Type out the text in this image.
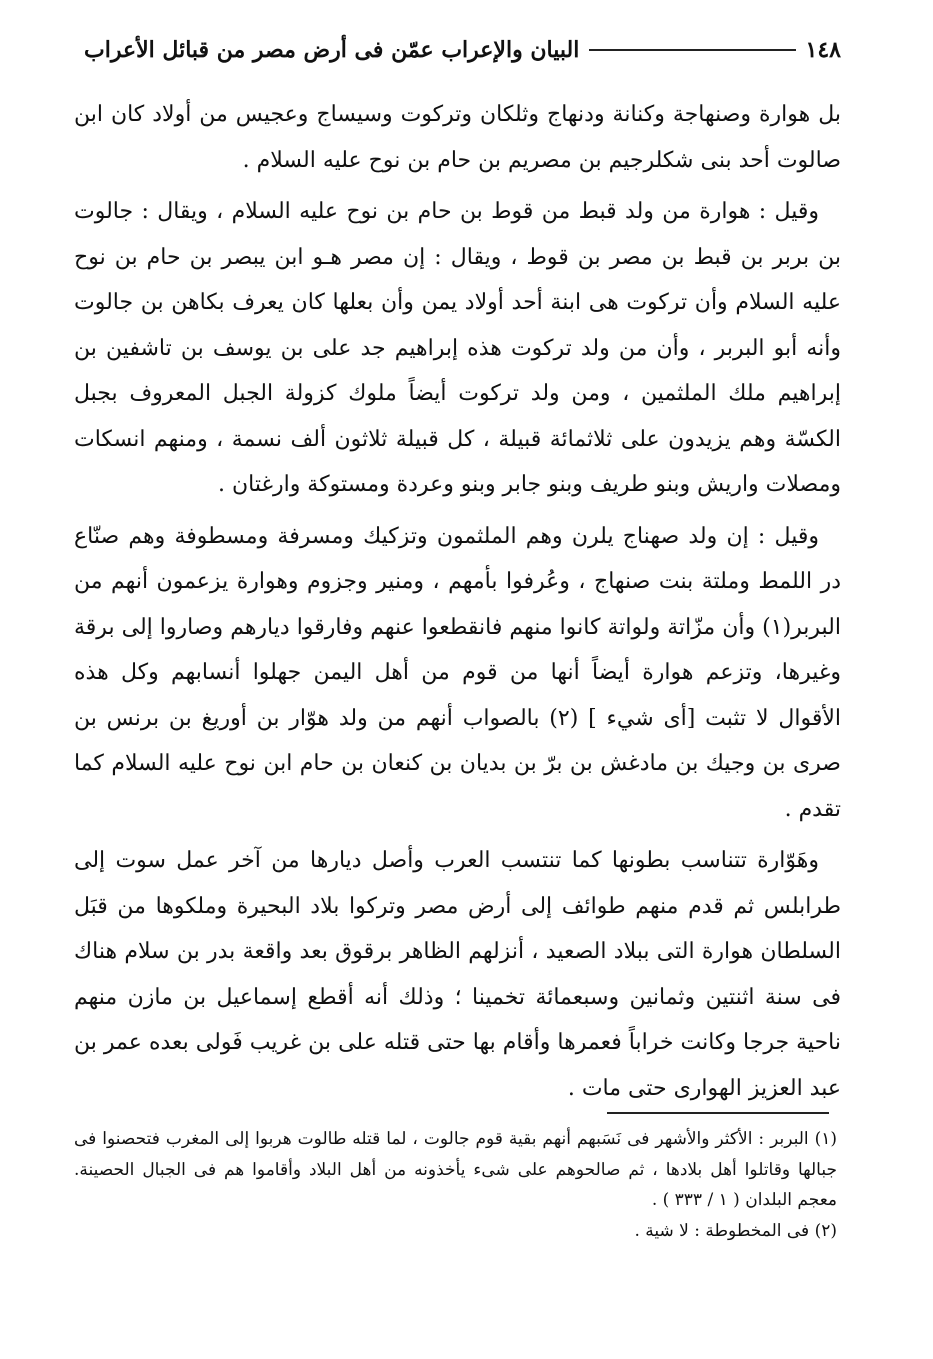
١٤٨
البيان والإعراب عمّن فى أرض مصر من قبائل الأعراب

بل هوارة وصنهاجة وكنانة ودنهاج وثلكان وتركوت وسيساج وعجيس من أولاد كان ابن صالوت أحد بنى شكلرجيم بن مصريم بن حام بن نوح عليه السلام .

وقيل : هوارة من ولد قبط من قوط بن حام بن نوح عليه السلام ، ويقال : جالوت بن بربر بن قبط بن مصر بن قوط ، ويقال : إن مصر هـو ابن يبصر بن حام بن نوح عليه السلام وأن تركوت هى ابنة أحد أولاد يمن وأن بعلها كان يعرف بكاهن بن جالوت وأنه أبو البربر ، وأن من ولد تركوت هذه إبراهيم جد على بن يوسف بن تاشفين بن إبراهيم ملك الملثمين ، ومن ولد تركوت أيضاً ملوك كزولة الجبل المعروف بجبل الكسّة وهم يزيدون على ثلاثمائة قبيلة ، كل قبيلة ثلاثون ألف نسمة ، ومنهم انسكات ومصلات واريش وبنو طريف وبنو جابر وبنو وعردة ومستوكة وارغتان .

وقيل : إن ولد صهناج يلرن وهم الملثمون وتزكيك ومسرفة ومسطوفة وهم صنّاع در اللمط وملتة بنت صنهاج ، وعُرفوا بأمهم ، ومنير وجزوم وهوارة يزعمون أنهم من البربر(١) وأن مزّاتة ولواتة كانوا منهم فانقطعوا عنهم وفارقوا ديارهم وصاروا إلى برقة وغيرها، وتزعم هوارة أيضاً أنها من قوم من أهل اليمن جهلوا أنسابهم وكل هذه الأقوال لا تثبت [أى شيء ] (٢) بالصواب أنهم من ولد هوّار بن أوريغ بن برنس بن صرى بن وجيك بن مادغش بن برّ بن بديان بن كنعان بن حام ابن نوح عليه السلام كما تقدم .

وهَوّارة تتناسب بطونها كما تنتسب العرب وأصل ديارها من آخر عمل سوت إلى طرابلس ثم قدم منهم طوائف إلى أرض مصر وتركوا بلاد البحيرة وملكوها من قبَل السلطان هوارة التى ببلاد الصعيد ، أنزلهم الظاهر برقوق بعد واقعة بدر بن سلام هناك فى سنة اثنتين وثمانين وسبعمائة تخمينا ؛ وذلك أنه أقطع إسماعيل بن مازن منهم ناحية جرجا وكانت خراباً فعمرها وأقام بها حتى قتله على بن غريب فَولى بعده عمر بن عبد العزيز الهوارى حتى مات .

(١) البربر : الأكثر والأشهر فى نَسَبهم أنهم بقية قوم جالوت ، لما قتله طالوت هربوا إلى المغرب فتحصنوا فى جبالها وقاتلوا أهل بلادها ، ثم صالحوهم على شىء يأخذونه من أهل البلاد وأقاموا هم فى الجبال الحصينة. معجم البلدان ( ١ / ٣٣٣ ) .

(٢) فى المخطوطة : لا شية .
